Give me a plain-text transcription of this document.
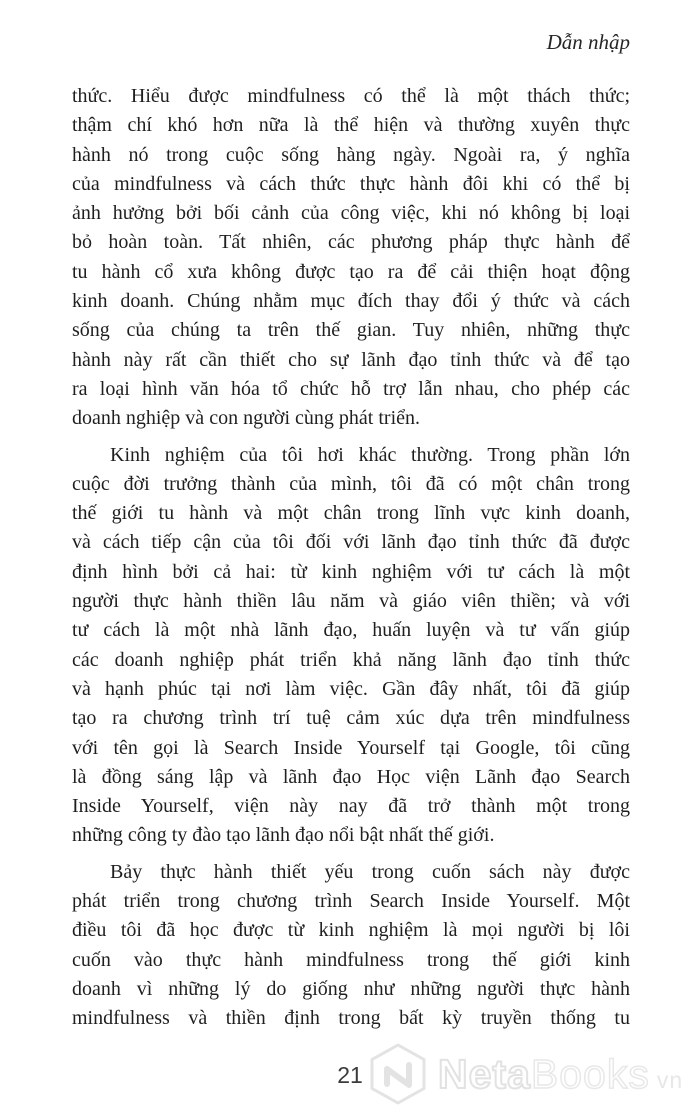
Dẫn nhập
thức. Hiểu được mindfulness có thể là một thách thức;
thậm chí khó hơn nữa là thể hiện và thường xuyên thực
hành nó trong cuộc sống hàng ngày. Ngoài ra, ý nghĩa
của mindfulness và cách thức thực hành đôi khi có thể bị
ảnh hưởng bởi bối cảnh của công việc, khi nó không bị loại
bỏ hoàn toàn. Tất nhiên, các phương pháp thực hành để
tu hành cổ xưa không được tạo ra để cải thiện hoạt động
kinh doanh. Chúng nhằm mục đích thay đổi ý thức và cách
sống của chúng ta trên thế gian. Tuy nhiên, những thực
hành này rất cần thiết cho sự lãnh đạo tỉnh thức và để tạo
ra loại hình văn hóa tổ chức hỗ trợ lẫn nhau, cho phép các
doanh nghiệp và con người cùng phát triển.
Kinh nghiệm của tôi hơi khác thường. Trong phần lớn
cuộc đời trưởng thành của mình, tôi đã có một chân trong
thế giới tu hành và một chân trong lĩnh vực kinh doanh,
và cách tiếp cận của tôi đối với lãnh đạo tỉnh thức đã được
định hình bởi cả hai: từ kinh nghiệm với tư cách là một
người thực hành thiền lâu năm và giáo viên thiền; và với
tư cách là một nhà lãnh đạo, huấn luyện và tư vấn giúp
các doanh nghiệp phát triển khả năng lãnh đạo tỉnh thức
và hạnh phúc tại nơi làm việc. Gần đây nhất, tôi đã giúp
tạo ra chương trình trí tuệ cảm xúc dựa trên mindfulness
với tên gọi là Search Inside Yourself tại Google, tôi cũng
là đồng sáng lập và lãnh đạo Học viện Lãnh đạo Search
Inside Yourself, viện này nay đã trở thành một trong
những công ty đào tạo lãnh đạo nổi bật nhất thế giới.
Bảy thực hành thiết yếu trong cuốn sách này được
phát triển trong chương trình Search Inside Yourself. Một
điều tôi đã học được từ kinh nghiệm là mọi người bị lôi
cuốn vào thực hành mindfulness trong thế giới kinh
doanh vì những lý do giống như những người thực hành
mindfulness và thiền định trong bất kỳ truyền thống tu
21	NetaBooks vn
